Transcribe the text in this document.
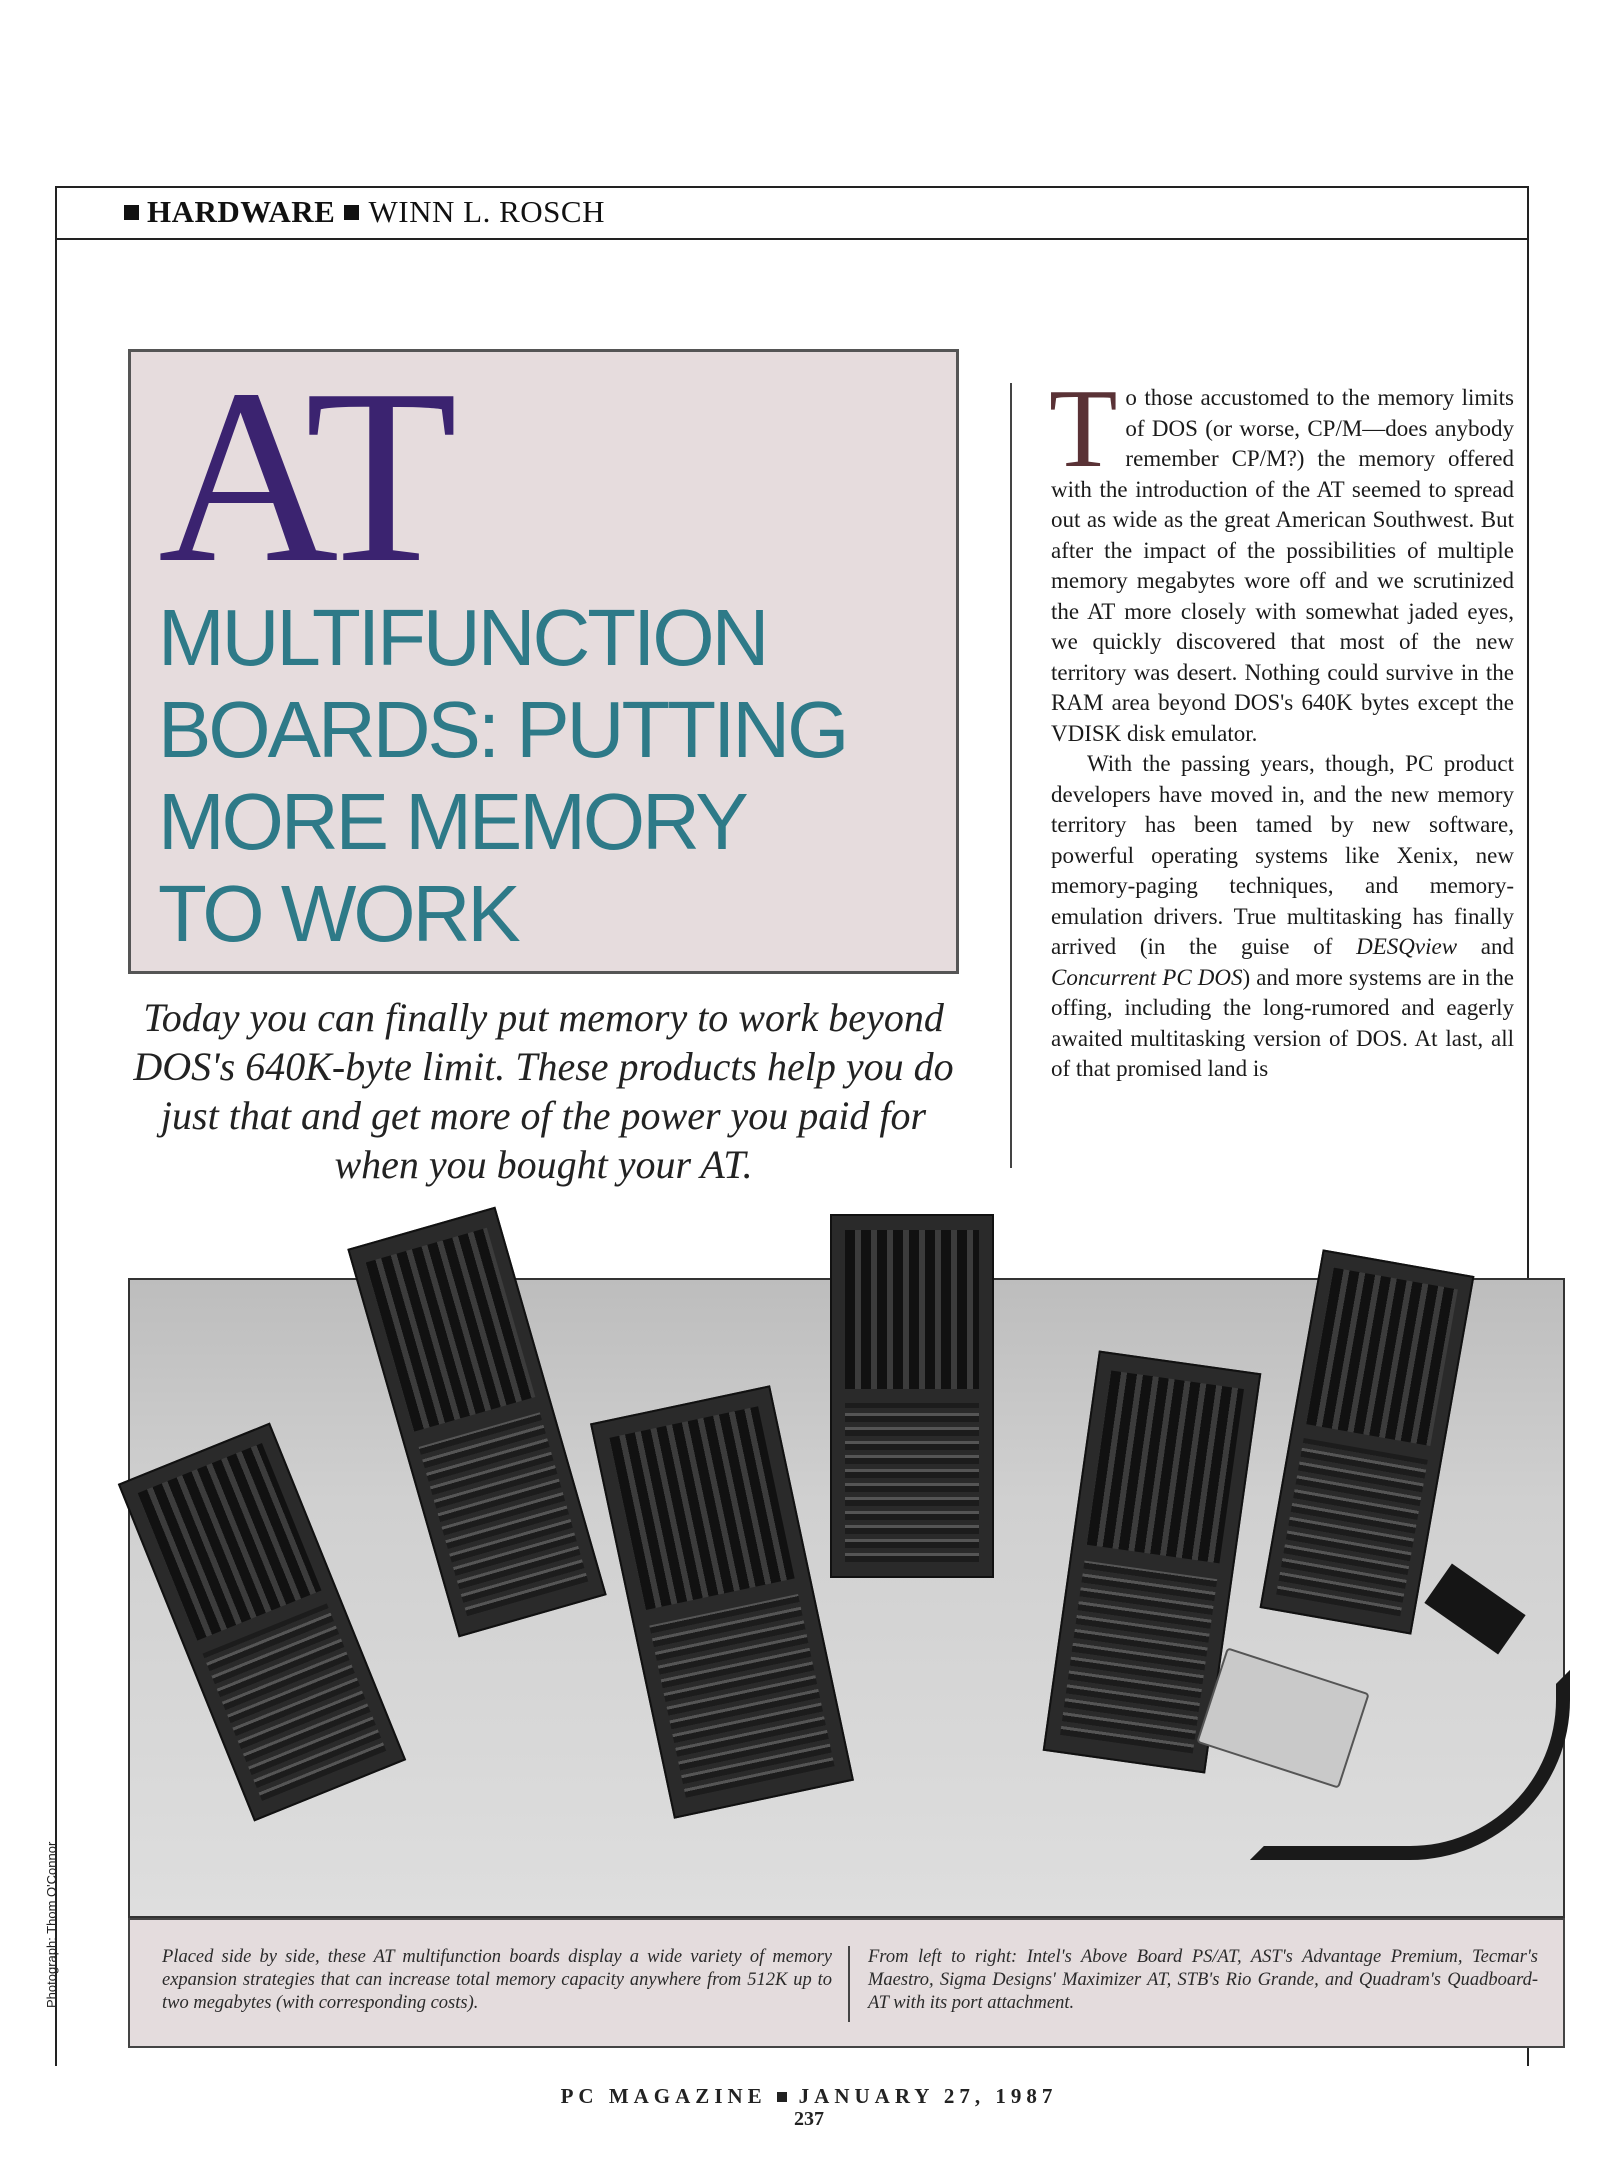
HARDWARE WINN L. ROSCH
AT
MULTIFUNCTION
BOARDS: PUTTING
MORE MEMORY
TO WORK
Today you can finally put memory to work beyond DOS's 640K-byte limit. These products help you do just that and get more of the power you paid for when you bought your AT.

To those accustomed to the memory limits of DOS (or worse, CP/M—does anybody remember CP/M?) the memory offered with the introduction of the AT seemed to spread out as wide as the great American Southwest. But after the impact of the possibilities of multiple memory megabytes wore off and we scrutinized the AT more closely with somewhat jaded eyes, we quickly discovered that most of the new territory was desert. Nothing could survive in the RAM area beyond DOS's 640K bytes except the VDISK disk emulator.

With the passing years, though, PC product developers have moved in, and the new memory territory has been tamed by new software, powerful operating systems like Xenix, new memory-paging techniques, and memory-emulation drivers. True multitasking has finally arrived (in the guise of DESQview and Concurrent PC DOS) and more systems are in the offing, including the long-rumored and eagerly awaited multitasking version of DOS. At last, all of that promised land is

Placed side by side, these AT multifunction boards display a wide variety of memory expansion strategies that can increase total memory capacity anywhere from 512K up to two megabytes (with corresponding costs).
From left to right: Intel's Above Board PS/AT, AST's Advantage Premium, Tecmar's Maestro, Sigma Designs' Maximizer AT, STB's Rio Grande, and Quadram's Quadboard-AT with its port attachment.
Photograph: Thom O'Connor
PC MAGAZINE JANUARY 27, 1987
237
